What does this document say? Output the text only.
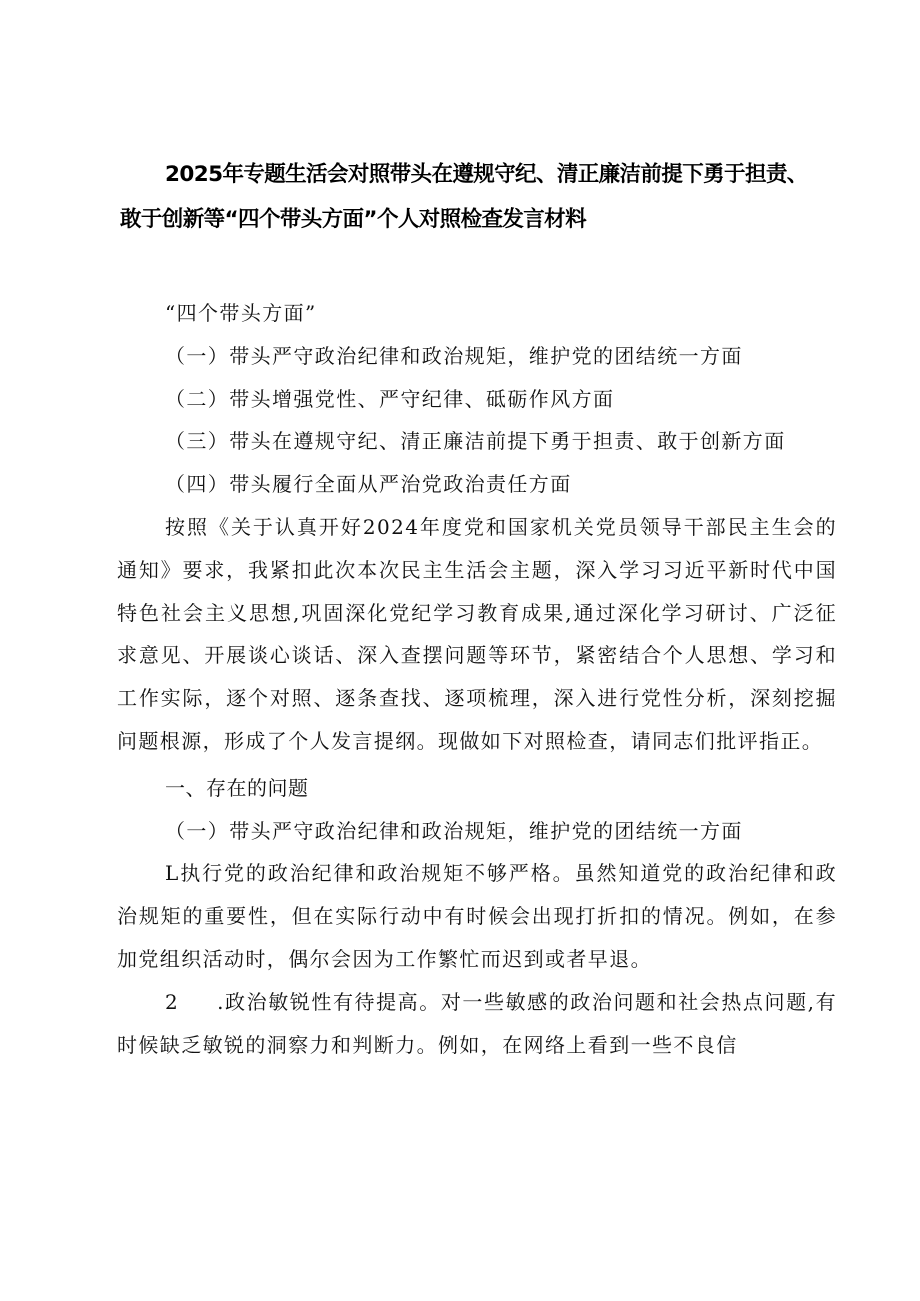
2025年专题生活会对照带头在遵规守纪、清正廉洁前提下勇于担责、
敢于创新等“四个带头方面”个人对照检查发言材料

“四个带头方面”

（一）带头严守政治纪律和政治规矩，维护党的团结统一方面

（二）带头增强党性、严守纪律、砥砺作风方面

（三）带头在遵规守纪、清正廉洁前提下勇于担责、敢于创新方面

（四）带头履行全面从严治党政治责任方面

按照《关于认真开好2024年度党和国家机关党员领导干部民主生会的通知》要求，我紧扣此次本次民主生活会主题，深入学习习近平新时代中国特色社会主义思想,巩固深化党纪学习教育成果,通过深化学习研讨、广泛征求意见、开展谈心谈话、深入查摆问题等环节，紧密结合个人思想、学习和工作实际，逐个对照、逐条查找、逐项梳理，深入进行党性分析，深刻挖掘问题根源，形成了个人发言提纲。现做如下对照检查，请同志们批评指正。

一、存在的问题

（一）带头严守政治纪律和政治规矩，维护党的团结统一方面

L执行党的政治纪律和政治规矩不够严格。虽然知道党的政治纪律和政治规矩的重要性，但在实际行动中有时候会出现打折扣的情况。例如，在参加党组织活动时，偶尔会因为工作繁忙而迟到或者早退。

2 .政治敏锐性有待提高。对一些敏感的政治问题和社会热点问题,有时候缺乏敏锐的洞察力和判断力。例如，在网络上看到一些不良信
